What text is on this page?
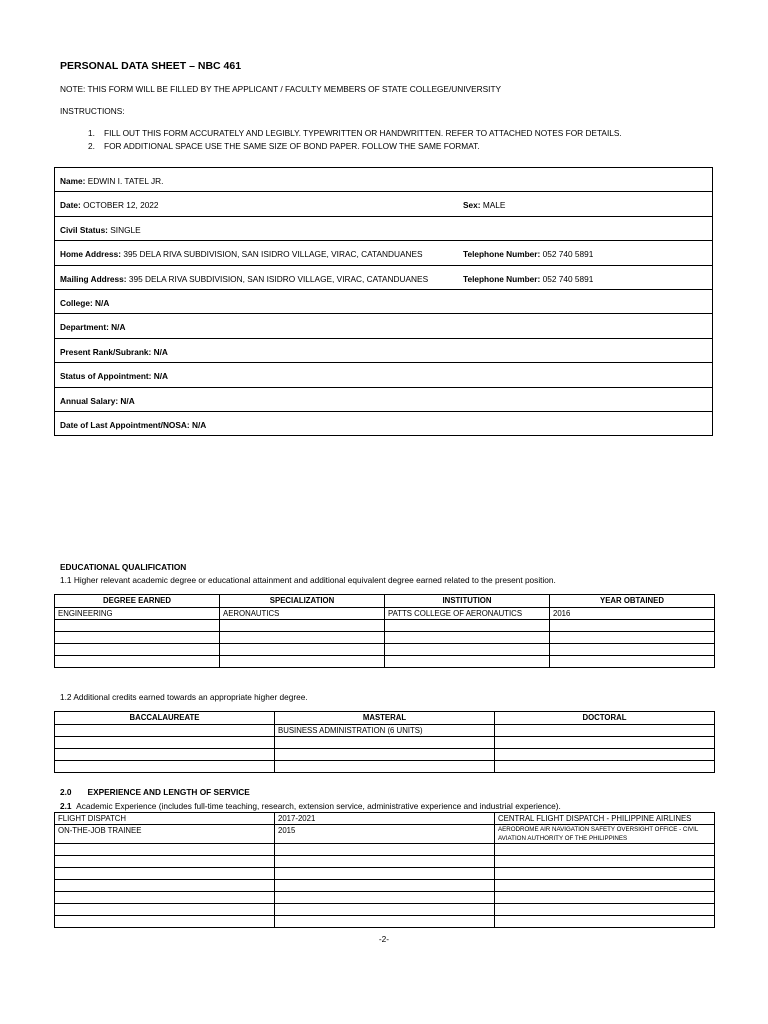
PERSONAL DATA SHEET – NBC 461
NOTE: THIS FORM WILL BE FILLED BY THE APPLICANT / FACULTY MEMBERS OF STATE COLLEGE/UNIVERSITY
INSTRUCTIONS:
1. FILL OUT THIS FORM ACCURATELY AND LEGIBLY. TYPEWRITTEN OR HANDWRITTEN. REFER TO ATTACHED NOTES FOR DETAILS.
2. FOR ADDITIONAL SPACE USE THE SAME SIZE OF BOND PAPER. FOLLOW THE SAME FORMAT.
Name: EDWIN I. TATEL JR.
Date: OCTOBER 12, 2022	Sex: MALE
Civil Status: SINGLE
Home Address: 395 DELA RIVA SUBDIVISION, SAN ISIDRO VILLAGE, VIRAC, CATANDUANES	Telephone Number: 052 740 5891
Mailing Address: 395 DELA RIVA SUBDIVISION, SAN ISIDRO VILLAGE, VIRAC, CATANDUANES	Telephone Number: 052 740 5891
College: N/A
Department: N/A
Present Rank/Subrank: N/A
Status of Appointment: N/A
Annual Salary: N/A
Date of Last Appointment/NOSA: N/A
EDUCATIONAL QUALIFICATION
1.1 Higher relevant academic degree or educational attainment and additional equivalent degree earned related to the present position.
DEGREE EARNED	SPECIALIZATION	INSTITUTION	YEAR OBTAINED
ENGINEERING	AERONAUTICS	PATTS COLLEGE OF AERONAUTICS	2016

1.2 Additional credits earned towards an appropriate higher degree.
BACCALAUREATE	MASTERAL	DOCTORAL
	BUSINESS ADMINISTRATION (6 UNITS)	

2.0 EXPERIENCE AND LENGTH OF SERVICE
2.1 Academic Experience (includes full-time teaching, research, extension service, administrative experience and industrial experience).
FLIGHT DISPATCH	2017-2021	CENTRAL FLIGHT DISPATCH - PHILIPPINE AIRLINES
ON-THE-JOB TRAINEE	2015	AERODROME AIR NAVIGATION SAFETY OVERSIGHT OFFICE - CIVIL AVIATION AUTHORITY OF THE PHILIPPINES

-2-
